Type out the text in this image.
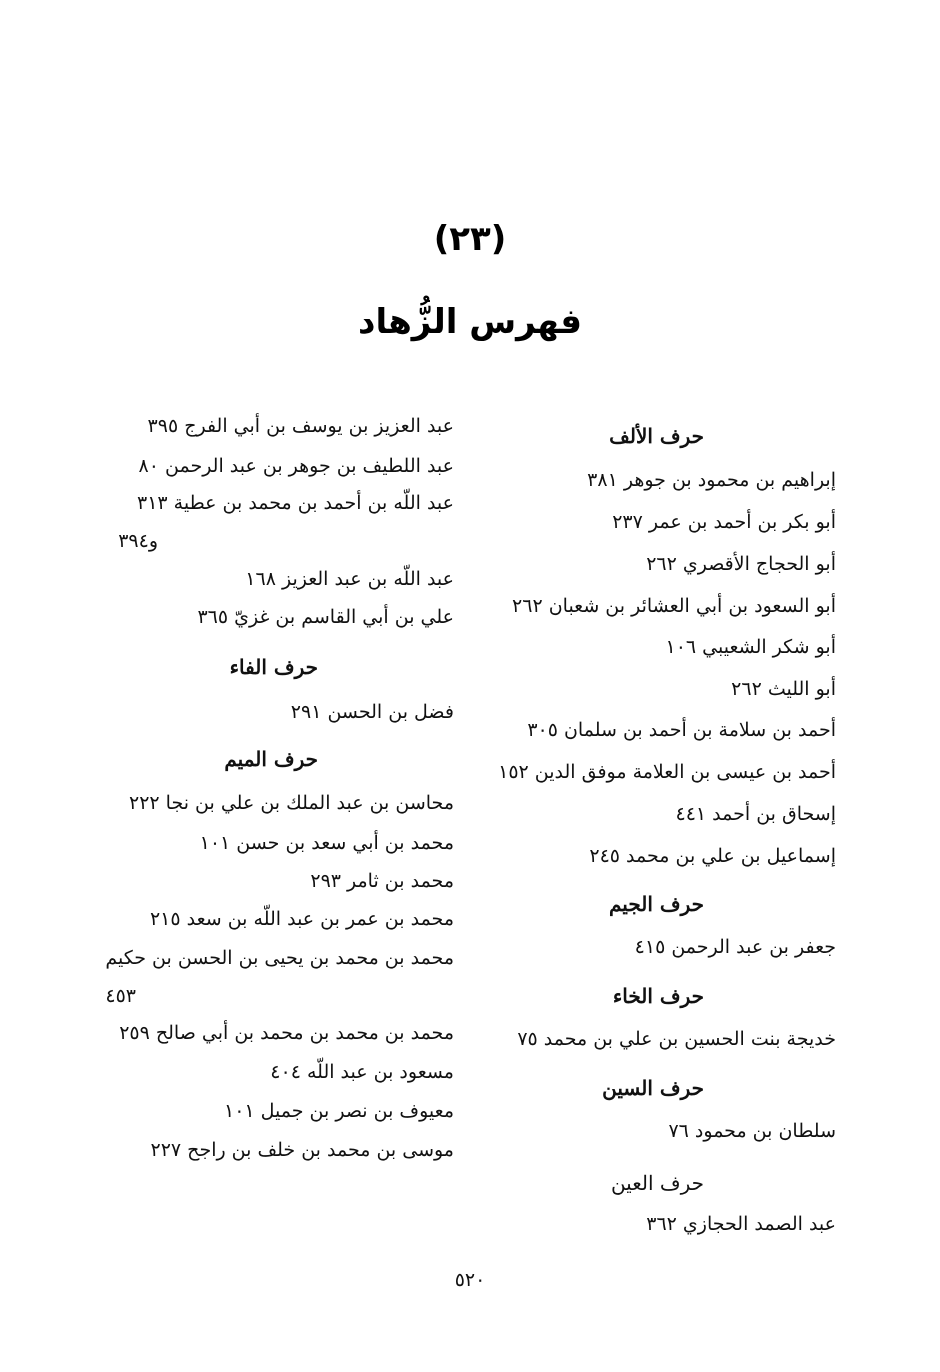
(٢٣)
فهرس الزُّهاد
حرف الألف
إبراهيم بن محمود بن جوهر ٣٨١
أبو بكر بن أحمد بن عمر ٢٣٧
أبو الحجاج الأقصري ٢٦٢
أبو السعود بن أبي العشائر بن شعبان ٢٦٢
أبو شكر الشعيبي ١٠٦
أبو الليث ٢٦٢
أحمد بن سلامة بن أحمد بن سلمان ٣٠٥
أحمد بن عيسى بن العلامة موفق الدين ١٥٢
إسحاق بن أحمد ٤٤١
إسماعيل بن علي بن محمد ٢٤٥
حرف الجيم
جعفر بن عبد الرحمن ٤١٥
حرف الخاء
خديجة بنت الحسين بن علي بن محمد ٧٥
حرف السين
سلطان بن محمود ٧٦
حرف العين
عبد الصمد الحجازي ٣٦٢
عبد العزيز بن يوسف بن أبي الفرج ٣٩٥
عبد اللطيف بن جوهر بن عبد الرحمن ٨٠
عبد اللّه بن أحمد بن محمد بن عطية ٣١٣
و٣٩٤
عبد اللّه بن عبد العزيز ١٦٨
علي بن أبي القاسم بن غزيّ ٣٦٥
حرف الفاء
فضل بن الحسن ٢٩١
حرف الميم
محاسن بن عبد الملك بن علي بن نجا ٢٢٢
محمد بن أبي سعد بن حسن ١٠١
محمد بن ثامر ٢٩٣
محمد بن عمر بن عبد اللّه بن سعد ٢١٥
محمد بن محمد بن يحيى بن الحسن بن حكيم
٤٥٣
محمد بن محمد بن محمد بن أبي صالح ٢٥٩
مسعود بن عبد اللّه ٤٠٤
معيوف بن نصر بن جميل ١٠١
موسى بن محمد بن خلف بن راجح ٢٢٧
٥٢٠
